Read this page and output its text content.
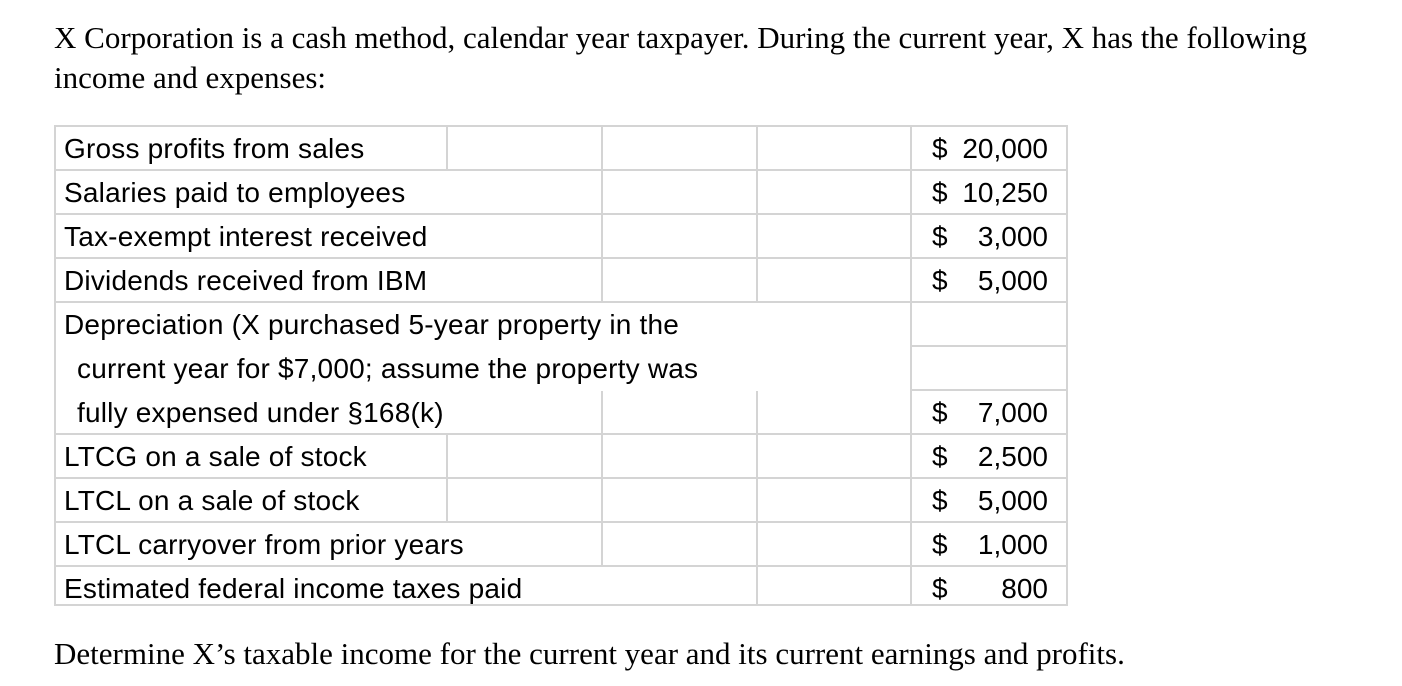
X Corporation is a cash method, calendar year taxpayer. During the current year, X has the following income and expenses:

Gross profits from sales
Salaries paid to employees
Tax-exempt interest received
Dividends received from IBM
Depreciation (X purchased 5-year property in the
current year for $7,000; assume the property was
fully expensed under §168(k)
LTCG on a sale of stock
LTCL on a sale of stock
LTCL carryover from prior years
Estimated federal income taxes paid
$
$
$
$
$
$
$
$
$
20,000
10,250
3,000
5,000
7,000
2,500
5,000
1,000
800

Determine X’s taxable income for the current year and its current earnings and profits.
